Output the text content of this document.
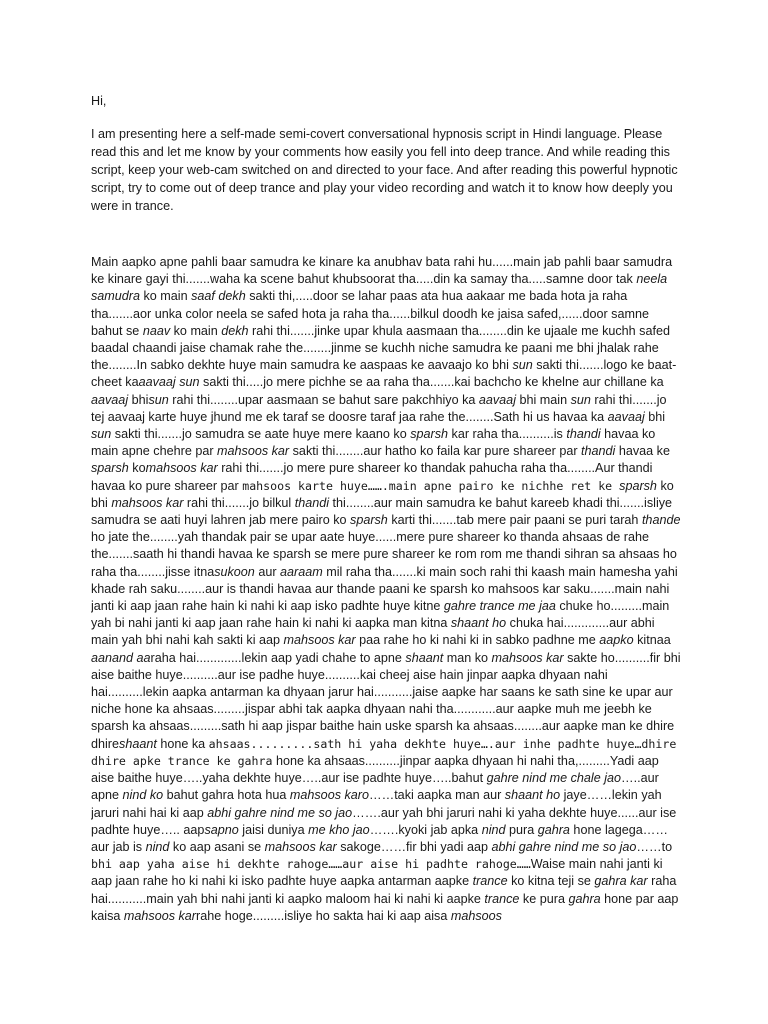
Hi,

I am presenting here a self-made semi-covert conversational hypnosis script in Hindi language. Please read this and let me know by your comments how easily you fell into deep trance. And while reading this script, keep your web-cam switched on and directed to your face. And after reading this powerful hypnotic script, try to come out of deep trance and play your video recording and watch it to know how deeply you were in trance.

Main aapko apne pahli baar samudra ke kinare ka anubhav bata rahi hu......main jab pahli baar samudra ke kinare gayi thi.......waha ka scene bahut khubsoorat tha.....din ka samay tha.....samne door tak neela samudra ko main saaf dekh sakti thi,.....door se lahar paas ata hua aakaar me bada hota ja raha tha.......aor unka color neela se safed hota ja raha tha......bilkul doodh ke jaisa safed,......door samne bahut se naav ko main dekh rahi thi.......jinke upar khula aasmaan tha........din ke ujaale me kuchh safed baadal chaandi jaise chamak rahe the........jinme se kuchh niche samudra ke paani me bhi jhalak rahe the........In sabko dekhte huye main samudra ke aaspaas ke aavaajo ko bhi sun sakti thi.......logo ke baat-cheet kaaavaaj sun sakti thi.....jo mere pichhe se aa raha tha.......kai bachcho ke khelne aur chillane ka aavaaj bhisun rahi thi........upar aasmaan se bahut sare pakchhiyo ka aavaaj bhi main sun rahi thi.......jo tej aavaaj karte huye jhund me ek taraf se doosre taraf jaa rahe the........Sath hi us havaa ka aavaaj bhi sun sakti thi.......jo samudra se aate huye mere kaano ko sparsh kar raha tha..........is thandi havaa ko main apne chehre par mahsoos kar sakti thi........aur hatho ko faila kar pure shareer par thandi havaa ke sparsh komahsoos kar rahi thi.......jo mere pure shareer ko thandak pahucha raha tha........Aur thandi havaa ko pure shareer par mahsoos karte huye…….main apne pairo ke nichhe ret ke sparsh ko bhi mahsoos kar rahi thi.......jo bilkul thandi thi........aur main samudra ke bahut kareeb khadi thi.......isliye samudra se aati huyi lahren jab mere pairo ko sparsh karti thi.......tab mere pair paani se puri tarah thande ho jate the........yah thandak pair se upar aate huye......mere pure shareer ko thanda ahsaas de rahe the.......saath hi thandi havaa ke sparsh se mere pure shareer ke rom rom me thandi sihran sa ahsaas ho raha tha........jisse itnasukoon aur aaraam mil raha tha.......ki main soch rahi thi kaash main hamesha yahi khade rah saku........aur is thandi havaa aur thande paani ke sparsh ko mahsoos kar saku.......main nahi janti ki aap jaan rahe hain ki nahi ki aap isko padhte huye kitne gahre trance me jaa chuke ho.........main yah bi nahi janti ki aap jaan rahe hain ki nahi ki aapka man kitna shaant ho chuka hai.............aur abhi main yah bhi nahi kah sakti ki aap mahsoos kar paa rahe ho ki nahi ki in sabko padhne me aapko kitnaa aanand aaraha hai.............lekin aap yadi chahe to apne shaant man ko mahsoos kar sakte ho..........fir bhi aise baithe huye..........aur ise padhe huye..........kai cheej aise hain jinpar aapka dhyaan nahi hai..........lekin aapka antarman ka dhyaan jarur hai...........jaise aapke har saans ke sath sine ke upar aur niche hone ka ahsaas.........jispar abhi tak aapka dhyaan nahi tha............aur aapke muh me jeebh ke sparsh ka ahsaas.........sath hi aap jispar baithe hain uske sparsh ka ahsaas........aur aapke man ke dhire dhireshaant hone ka ahsaas.........sath hi yaha dekhte huye….aur inhe padhte huye…dhire dhire apke trance ke gahra hone ka ahsaas..........jinpar aapka dhyaan hi nahi tha,.........Yadi aap aise baithe huye…..yaha dekhte huye…..aur ise padhte huye…..bahut gahre nind me chale jao…..aur apne nind ko bahut gahra hota hua mahsoos karo……taki aapka man aur shaant ho jaye……lekin yah jaruri nahi hai ki aap abhi gahre nind me so jao…….aur yah bhi jaruri nahi ki yaha dekhte huye......aur ise padhte huye….. aapsapno jaisi duniya me kho jao…….kyoki jab apka nind pura gahra hone lagega……aur jab is nind ko aap asani se mahsoos kar sakoge……fir bhi yadi aap abhi gahre nind me so jao……to bhi aap yaha aise hi dekhte rahoge……aur aise hi padhte rahoge……Waise main nahi janti ki aap jaan rahe ho ki nahi ki isko padhte huye aapka antarman aapke trance ko kitna teji se gahra kar raha hai...........main yah bhi nahi janti ki aapko maloom hai ki nahi ki aapke trance ke pura gahra hone par aap kaisa mahsoos karrahe hoge.........isliye ho sakta hai ki aap aisa mahsoos
